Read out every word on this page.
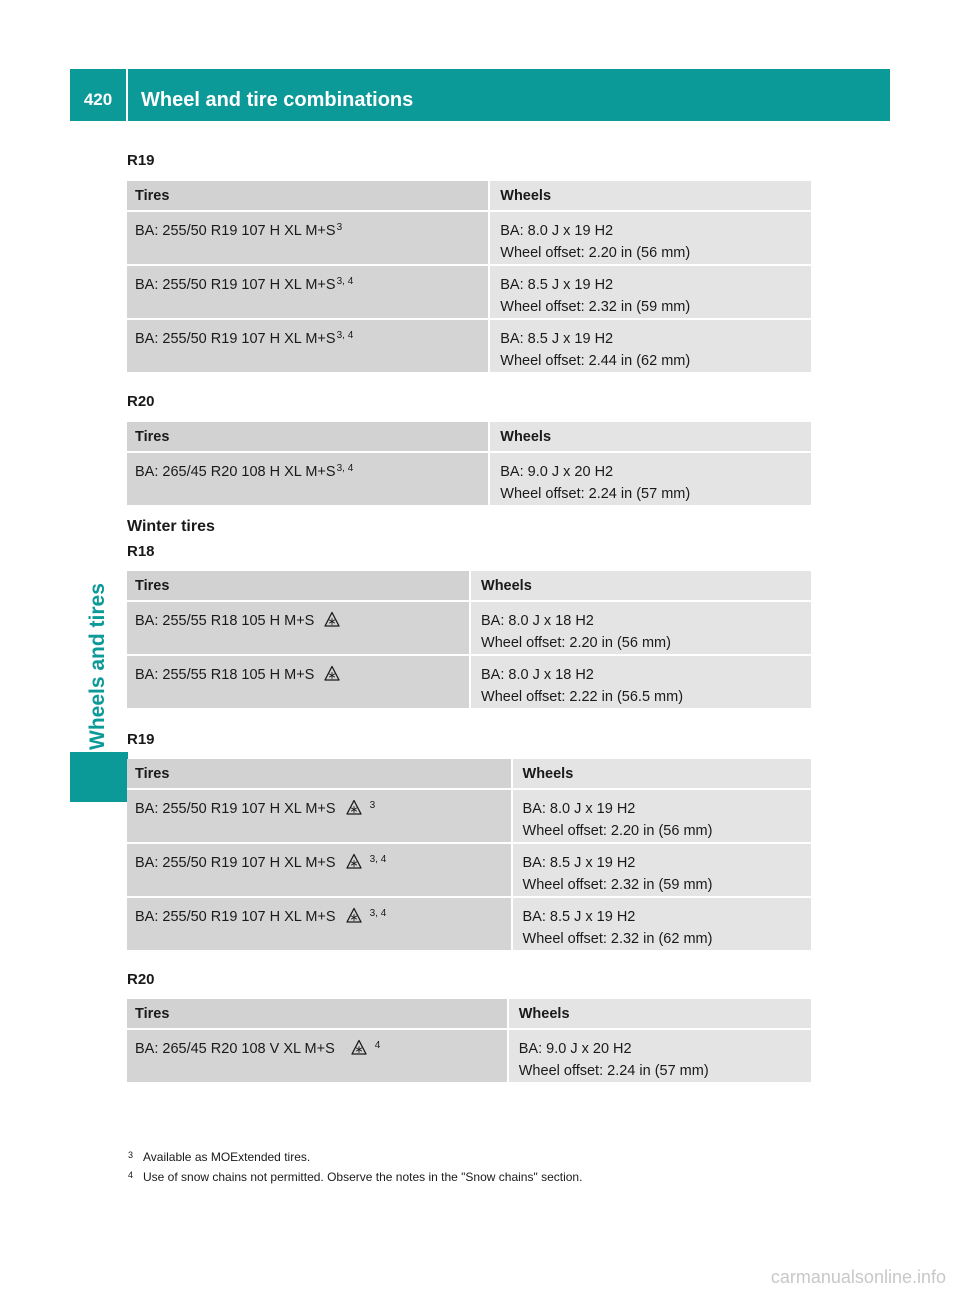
420	Wheel and tire combinations
Wheels and tires
R19
Tires	Wheels
BA: 255/50 R19 107 H XL $M+S^3$	BA: 8.0 J x 19 H2
Wheel offset: 2.20 in (56 mm)

BA: 255/50 R19 107 H XL $M+S^{3, 4}$	BA: 8.5 J x 19 H2
Wheel offset: 2.32 in (59 mm)

BA: 255/50 R19 107 H XL $M+S^{3, 4}$	BA: 8.5 J x 19 H2
Wheel offset: 2.44 in (62 mm)
R20
Tires	Wheels
BA: 265/45 R20 108 H XL $M+S^{3, 4}$	BA: 9.0 J x 20 H2
Wheel offset: 2.24 in (57 mm)
Winter tires
R18
Tires	Wheels
BA: 255/55 R18 105 H M+S	BA: 8.0 J x 18 H2
Wheel offset: 2.20 in (56 mm)

BA: 255/55 R18 105 H M+S	BA: 8.0 J x 18 H2
Wheel offset: 2.22 in (56.5 mm)
R19
Tires	Wheels
BA: 255/50 R19 107 H XL M+S $^3$	BA: 8.0 J x 19 H2
Wheel offset: 2.20 in (56 mm)

BA: 255/50 R19 107 H XL M+S $^{3, 4}$	BA: 8.5 J x 19 H2
Wheel offset: 2.32 in (59 mm)

BA: 255/50 R19 107 H XL M+S $^{3, 4}$	BA: 8.5 J x 19 H2
Wheel offset: 2.32 in (62 mm)
R20
Tires	Wheels
BA: 265/45 R20 108 V XL M+S $^4$	BA: 9.0 J x 20 H2
Wheel offset: 2.24 in (57 mm)
3 Available as MOExtended tires.
4 Use of snow chains not permitted. Observe the notes in the "Snow chains" section.
carmanualsonline.info
